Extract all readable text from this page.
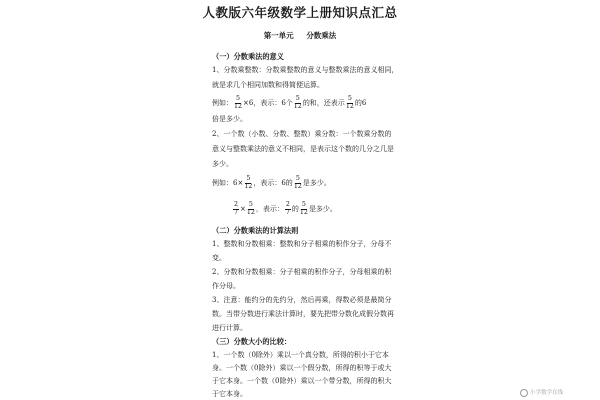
人教版六年级数学上册知识点汇总
第一单元 分数乘法
（一）分数乘法的意义
1、分数乘整数：分数乘整数的意义与整数乘法的意义相同，
就是求几个相同加数和得简便运算。
例如： $\frac{5}{12} \times 6$，表示：6个 $\frac{5}{12}$ 的和，还表示 $\frac{5}{12}$ 的6
倍是多少。
2、一个数（小数、分数、整数）乘分数：一个数乘分数的
意义与整数乘法的意义不相同，是表示这个数的几分之几是
多少。
例如：$6\times \frac{5}{12}$ ，表示：6的 $\frac{5}{12}$ 是多少。
$\frac{2}{7} \times \frac{5}{12}$ ，表示： $\frac{2}{7}$ 的 $\frac{5}{12}$ 是多少。
（二）分数乘法的计算法则
1、整数和分数相乘：整数和分子相乘的积作分子，分母不
变。
2、分数和分数相乘：分子相乘的积作分子，分母相乘的积
作分母。
3、注意：能约分的先约分，然后再乘，得数必须是最简分
数。当带分数进行乘法计算时，要先把带分数化成假分数再
进行计算。
（三）分数大小的比较：
1、一个数（0除外）乘以一个真分数，所得的积小于它本
身。一个数（0除外）乘以一个假分数，所得的积等于或大
于它本身。一个数（0除外）乘以一个带分数，所得的积大
于它本身。	小学数学在线
